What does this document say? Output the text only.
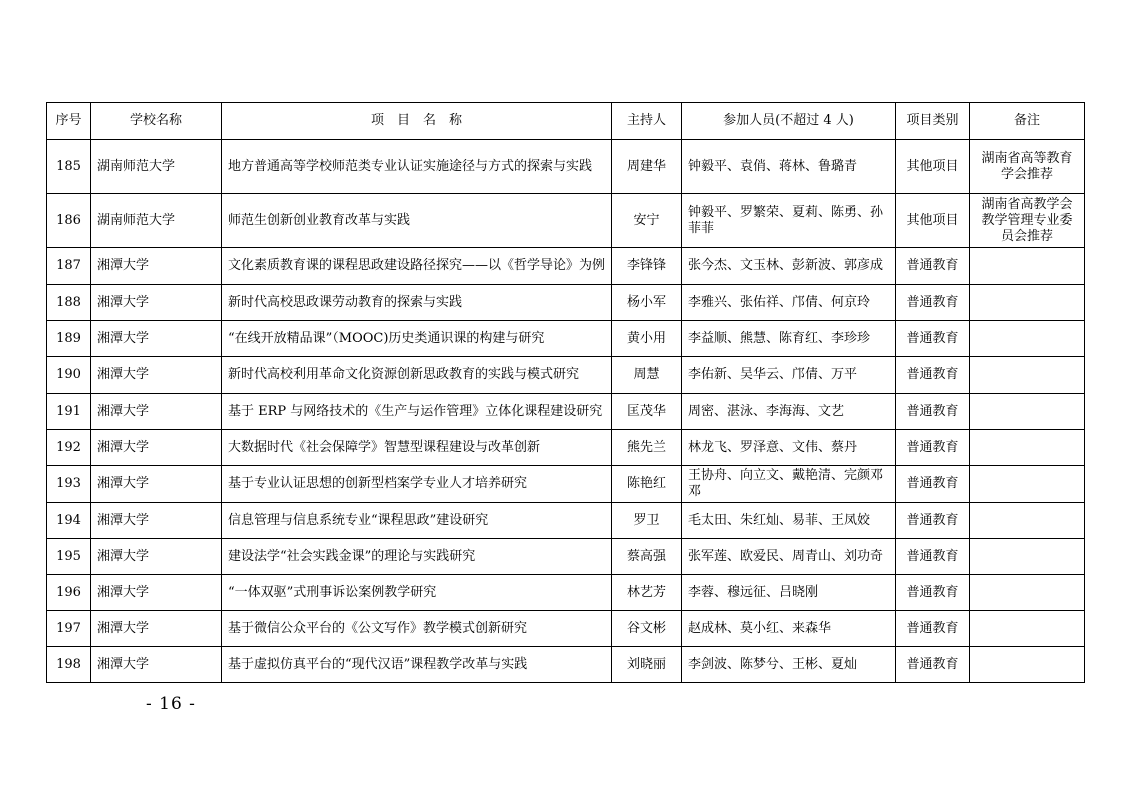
序号	学校名称	项　目　名　称	主持人	参加人员(不超过 4 人)	项目类别	备注
185	湖南师范大学	地方普通高等学校师范类专业认证实施途径与方式的探索与实践	周建华	钟毅平、袁俏、蒋林、鲁璐青	其他项目	湖南省高等教育学会推荐
186	湖南师范大学	师范生创新创业教育改革与实践	安宁	钟毅平、罗繁荣、夏莉、陈勇、孙菲菲	其他项目	湖南省高教学会教学管理专业委员会推荐
187	湘潭大学	文化素质教育课的课程思政建设路径探究——以《哲学导论》为例	李锋锋	张今杰、文玉林、彭新波、郭彦成	普通教育	
188	湘潭大学	新时代高校思政课劳动教育的探索与实践	杨小军	李雅兴、张佑祥、邝倩、何京玲	普通教育	
189	湘潭大学	“在线开放精品课”（MOOC)历史类通识课的构建与研究	黄小用	李益顺、熊慧、陈育红、李珍珍	普通教育	
190	湘潭大学	新时代高校利用革命文化资源创新思政教育的实践与模式研究	周慧	李佑新、吴华云、邝倩、万平	普通教育	
191	湘潭大学	基于 ERP 与网络技术的《生产与运作管理》立体化课程建设研究	匡茂华	周密、湛泳、李海海、文艺	普通教育	
192	湘潭大学	大数据时代《社会保障学》智慧型课程建设与改革创新	熊先兰	林龙飞、罗泽意、文伟、蔡丹	普通教育	
193	湘潭大学	基于专业认证思想的创新型档案学专业人才培养研究	陈艳红	王协舟、向立文、戴艳清、完颜邓邓	普通教育	
194	湘潭大学	信息管理与信息系统专业“课程思政”建设研究	罗卫	毛太田、朱红灿、易菲、王凤姣	普通教育	
195	湘潭大学	建设法学“社会实践金课”的理论与实践研究	蔡高强	张军莲、欧爱民、周青山、刘功奇	普通教育	
196	湘潭大学	“一体双驱”式刑事诉讼案例教学研究	林艺芳	李蓉、穆远征、吕晓刚	普通教育	
197	湘潭大学	基于微信公众平台的《公文写作》教学模式创新研究	谷文彬	赵成林、莫小红、来森华	普通教育	
198	湘潭大学	基于虚拟仿真平台的“现代汉语”课程教学改革与实践	刘晓丽	李剑波、陈梦兮、王彬、夏灿	普通教育	
- 16 -
